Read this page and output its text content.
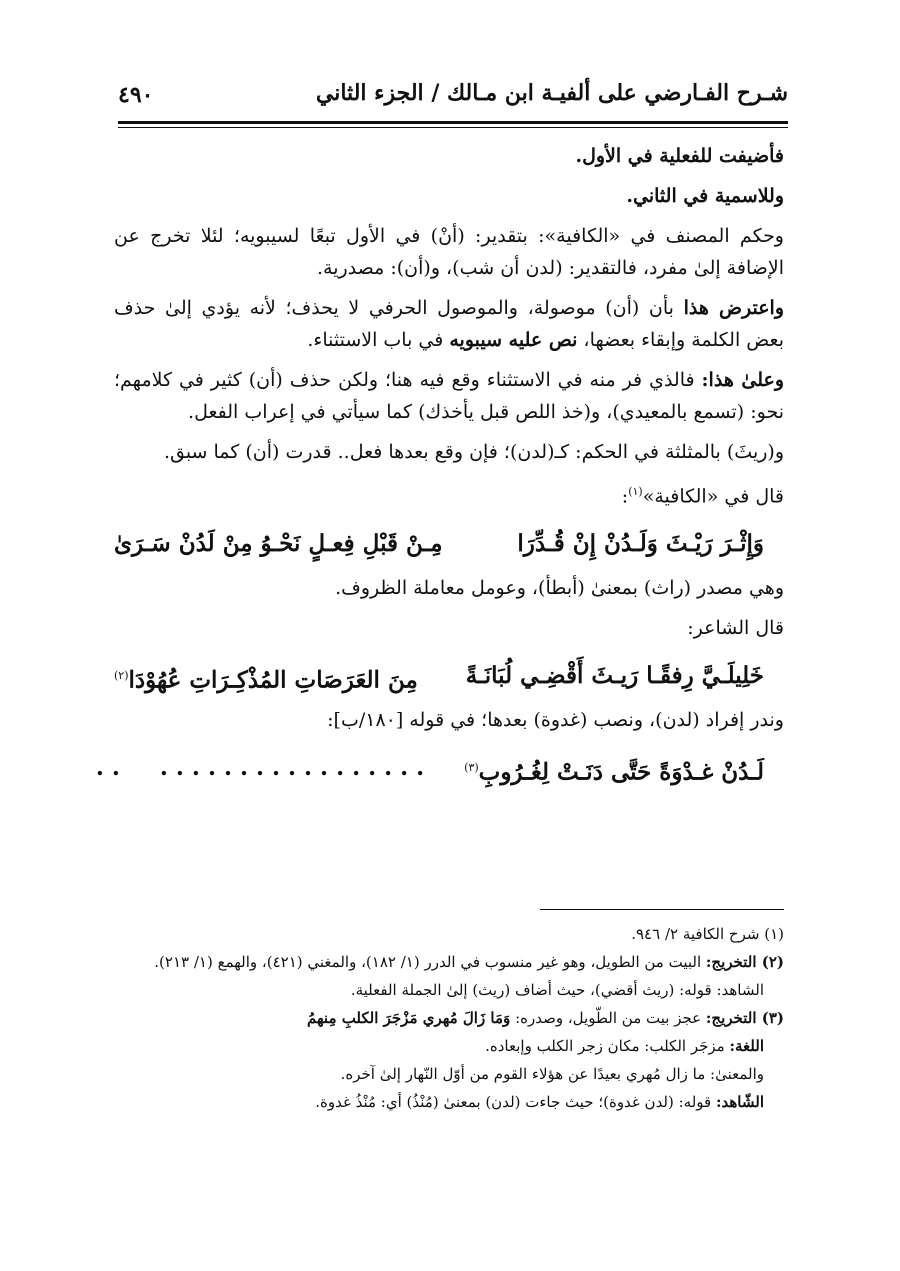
شـرح الفـارضي على ألفيـة ابن مـالك / الجزء الثاني
٤٩٠

فأضيفت للفعلية في الأول.

وللاسمية في الثاني.

وحكم المصنف في «الكافية»: بتقدير: (أنْ) في الأول تبعًا لسيبويه؛ لئلا تخرج عن الإضافة إلىٰ مفرد، فالتقدير: (لدن أن شب)، و(أن): مصدرية.

واعترض هذا بأن (أن) موصولة، والموصول الحرفي لا يحذف؛ لأنه يؤدي إلىٰ حذف بعض الكلمة وإبقاء بعضها، نص عليه سيبويه في باب الاستثناء.

وعلىٰ هذا: فالذي فر منه في الاستثناء وقع فيه هنا؛ ولكن حذف (أن) كثير في كلامهم؛ نحو: (تسمع بالمعيدي)، و(خذ اللص قبل يأخذك) كما سيأتي في إعراب الفعل.

و(ريثَ) بالمثلثة في الحكم: كـ(لدن)؛ فإن وقع بعدها فعل.. قدرت (أن) كما سبق.

قال في «الكافية»$^{(١)}$:

وَإِثْـرَ رَيْـثَ وَلَـدُنْ إِنْ قُـدِّرَا
مِـنْ قَبْلِ فِعـلٍ نَحْـوُ مِنْ لَدُنْ سَـرَىٰ

وهي مصدر (راث) بمعنىٰ (أبطأ)، وعومل معاملة الظروف.

قال الشاعر:

خَلِيلَـيَّ رِفقًـا رَيـثَ أَقْضِـي لُبَانَـةً
مِنَ العَرَصَاتِ المُذْكِـرَاتِ عُهُوْدَا$^{(٢)}$

وندر إفراد (لدن)، ونصب (غدوة) بعدها؛ في قوله [١٨٠/ب]:

لَـدُنْ غـدْوَةً حَتَّى دَنَـتْ لِغُـرُوبِ$^{(٣)}$
. . . . . . . . . . . . . . . . .
. .

(١) شرح الكافية ٢/ ٩٤٦.

(٢) التخريج: البيت من الطويل، وهو غير منسوب في الدرر (١/ ١٨٢)، والمغني (٤٢١)، والهمع (١/ ٢١٣).

الشاهد: قوله: (ريث أقضي)، حيث أضاف (ريث) إلىٰ الجملة الفعلية.

(٣) التخريج: عجز بيت من الطّويل، وصدره: وَمَا زَالَ مُهري مَزْجَرَ الكلبِ مِنهمُ

اللغة: مزجَر الكلب: مكان زجر الكلب وإبعاده.

والمعنىٰ: ما زال مُهري بعيدًا عن هؤلاء القوم من أوّل النّهار إلىٰ آخره.

الشّاهد: قوله: (لدن غدوة)؛ حيث جاءت (لدن) بمعنىٰ (مُنْذُ) أي: مُنْذُ غدوة.
